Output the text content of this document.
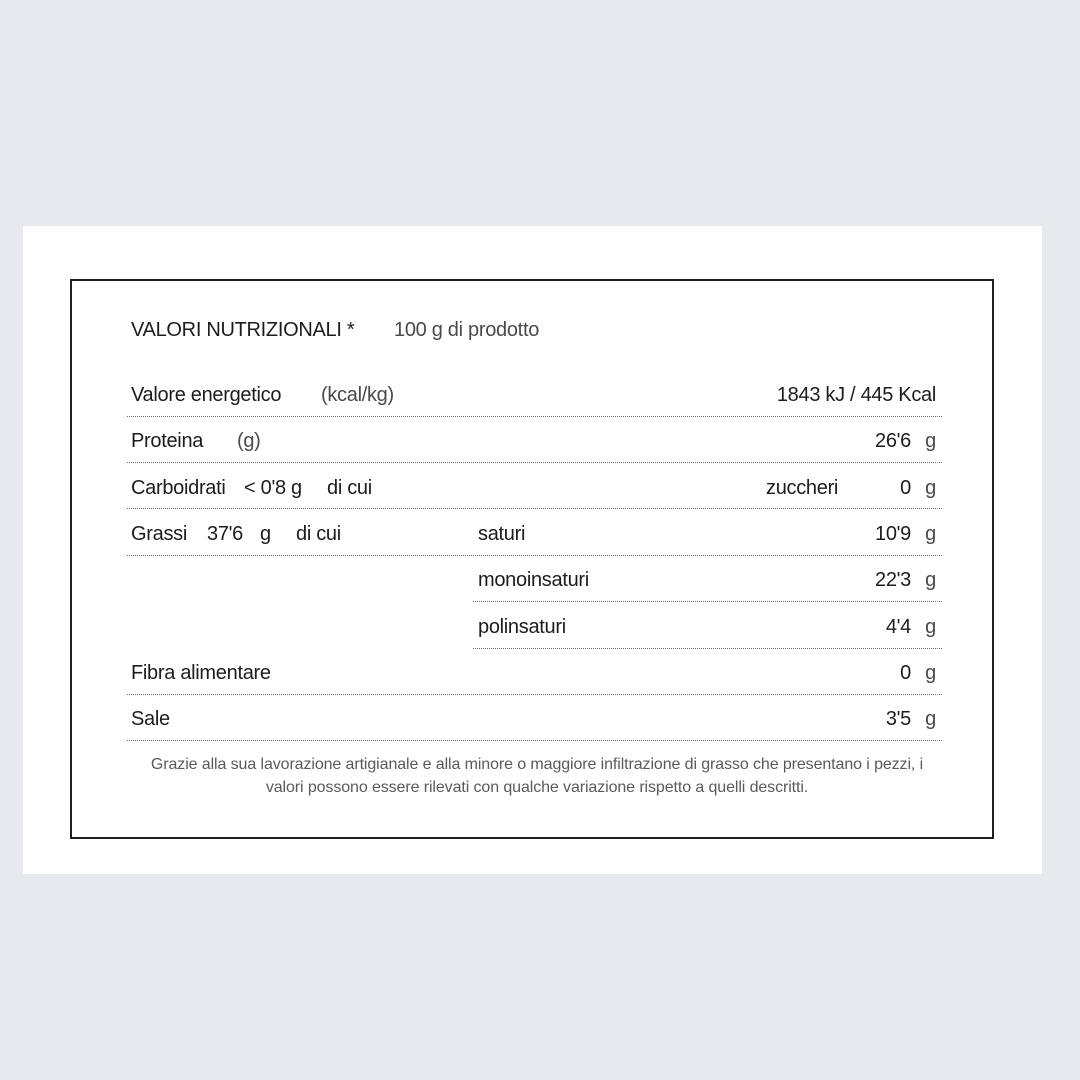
VALORI NUTRIZIONALI * 100 g di prodotto
Valore energetico (kcal/kg)	1843 kJ / 445 Kcal
Proteina (g)	26'6 g
Carboidrati < 0'8 g di cui	zuccheri	0 g
Grassi 37'6 g di cui	saturi	10'9 g
monoinsaturi	22'3 g
polinsaturi	4'4 g
Fibra alimentare	0 g
Sale	3'5 g
Grazie alla sua lavorazione artigianale e alla minore o maggiore infiltrazione di grasso che presentano i pezzi, i valori possono essere rilevati con qualche variazione rispetto a quelli descritti.
